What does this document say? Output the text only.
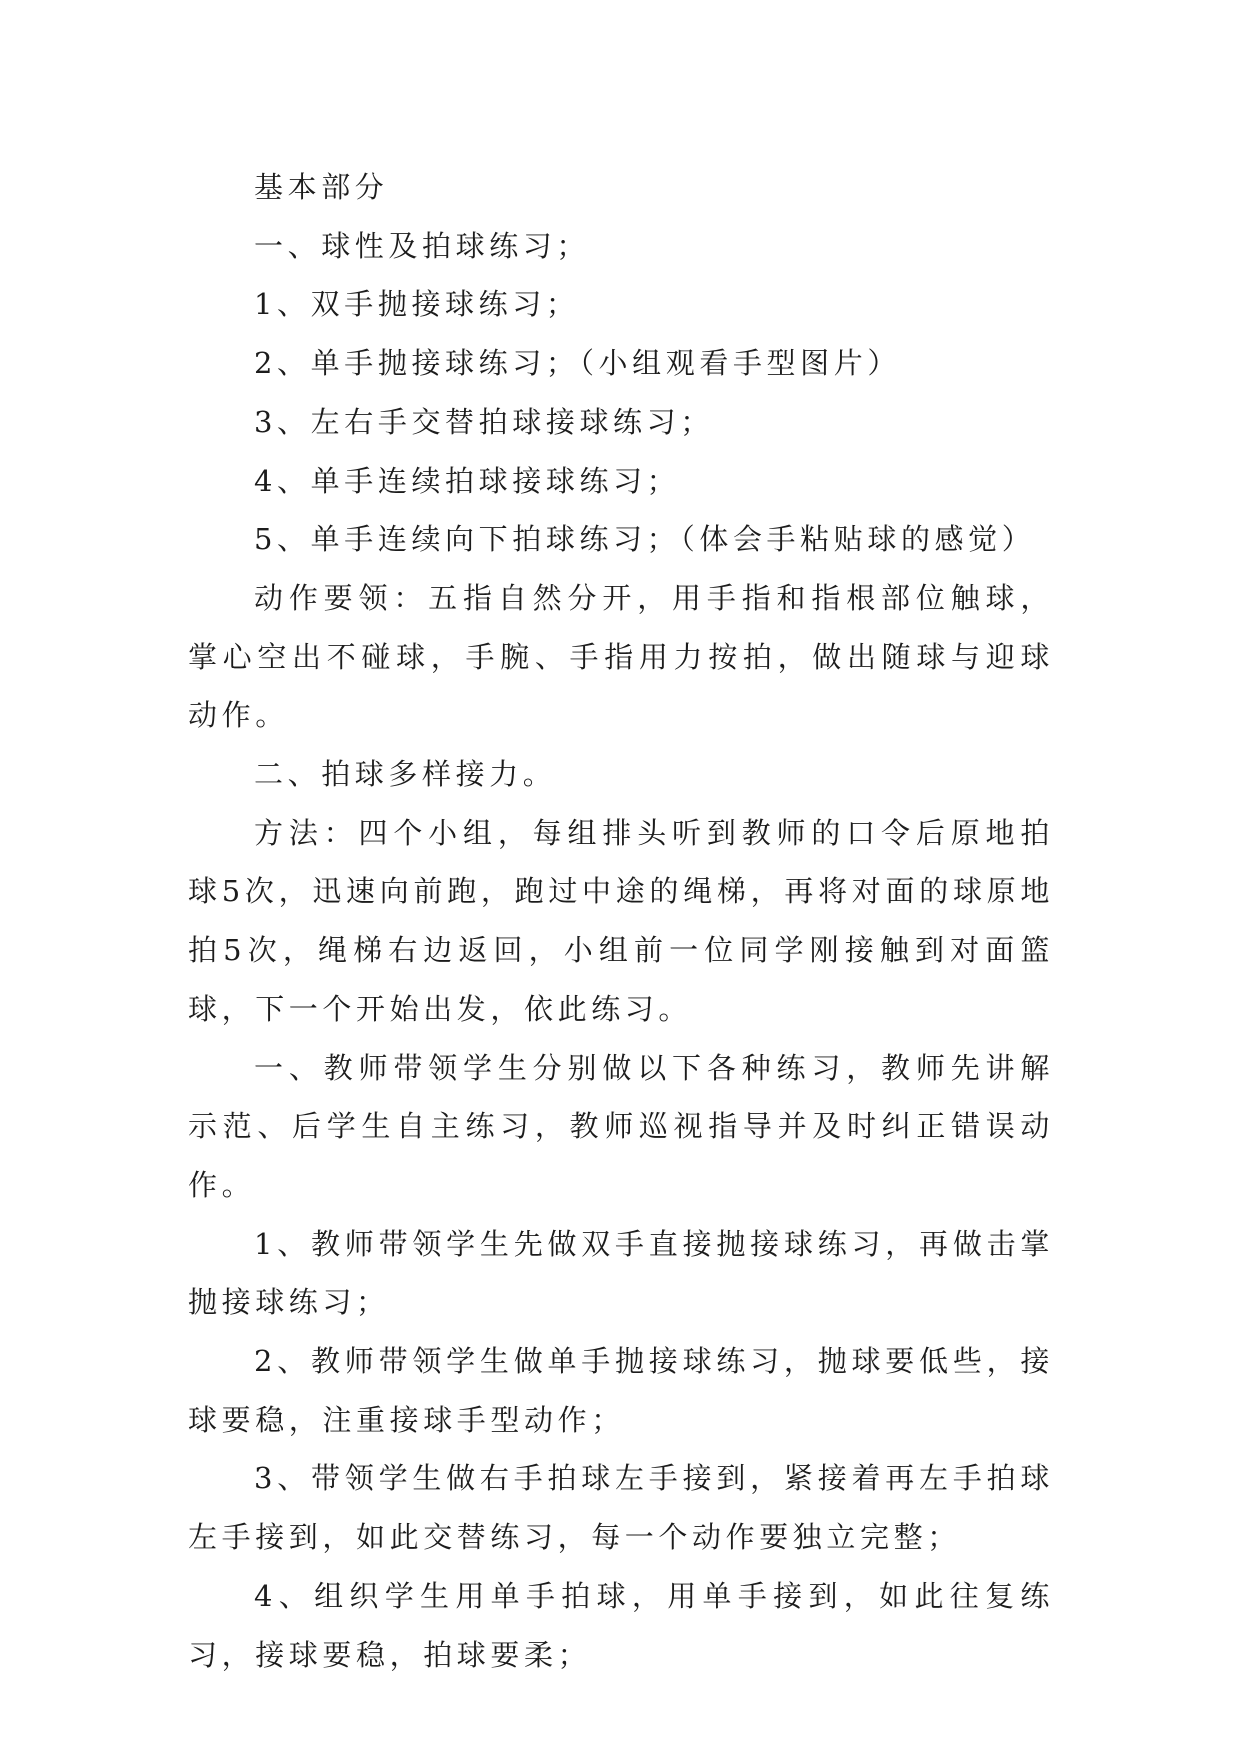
基本部分

一、球性及拍球练习；

1、双手抛接球练习；

2、单手抛接球练习；（小组观看手型图片）

3、左右手交替拍球接球练习；

4、单手连续拍球接球练习；

5、单手连续向下拍球练习；（体会手粘贴球的感觉）

动作要领：五指自然分开，用手指和指根部位触球，掌心空出不碰球，手腕、手指用力按拍，做出随球与迎球动作。

二、拍球多样接力。

方法：四个小组，每组排头听到教师的口令后原地拍球5次，迅速向前跑，跑过中途的绳梯，再将对面的球原地拍5次，绳梯右边返回，小组前一位同学刚接触到对面篮球，下一个开始出发，依此练习。

一、教师带领学生分别做以下各种练习，教师先讲解示范、后学生自主练习，教师巡视指导并及时纠正错误动作。

1、教师带领学生先做双手直接抛接球练习，再做击掌抛接球练习；

2、教师带领学生做单手抛接球练习，抛球要低些，接球要稳，注重接球手型动作；

3、带领学生做右手拍球左手接到，紧接着再左手拍球左手接到，如此交替练习，每一个动作要独立完整；

4、组织学生用单手拍球，用单手接到，如此往复练习，接球要稳，拍球要柔；
